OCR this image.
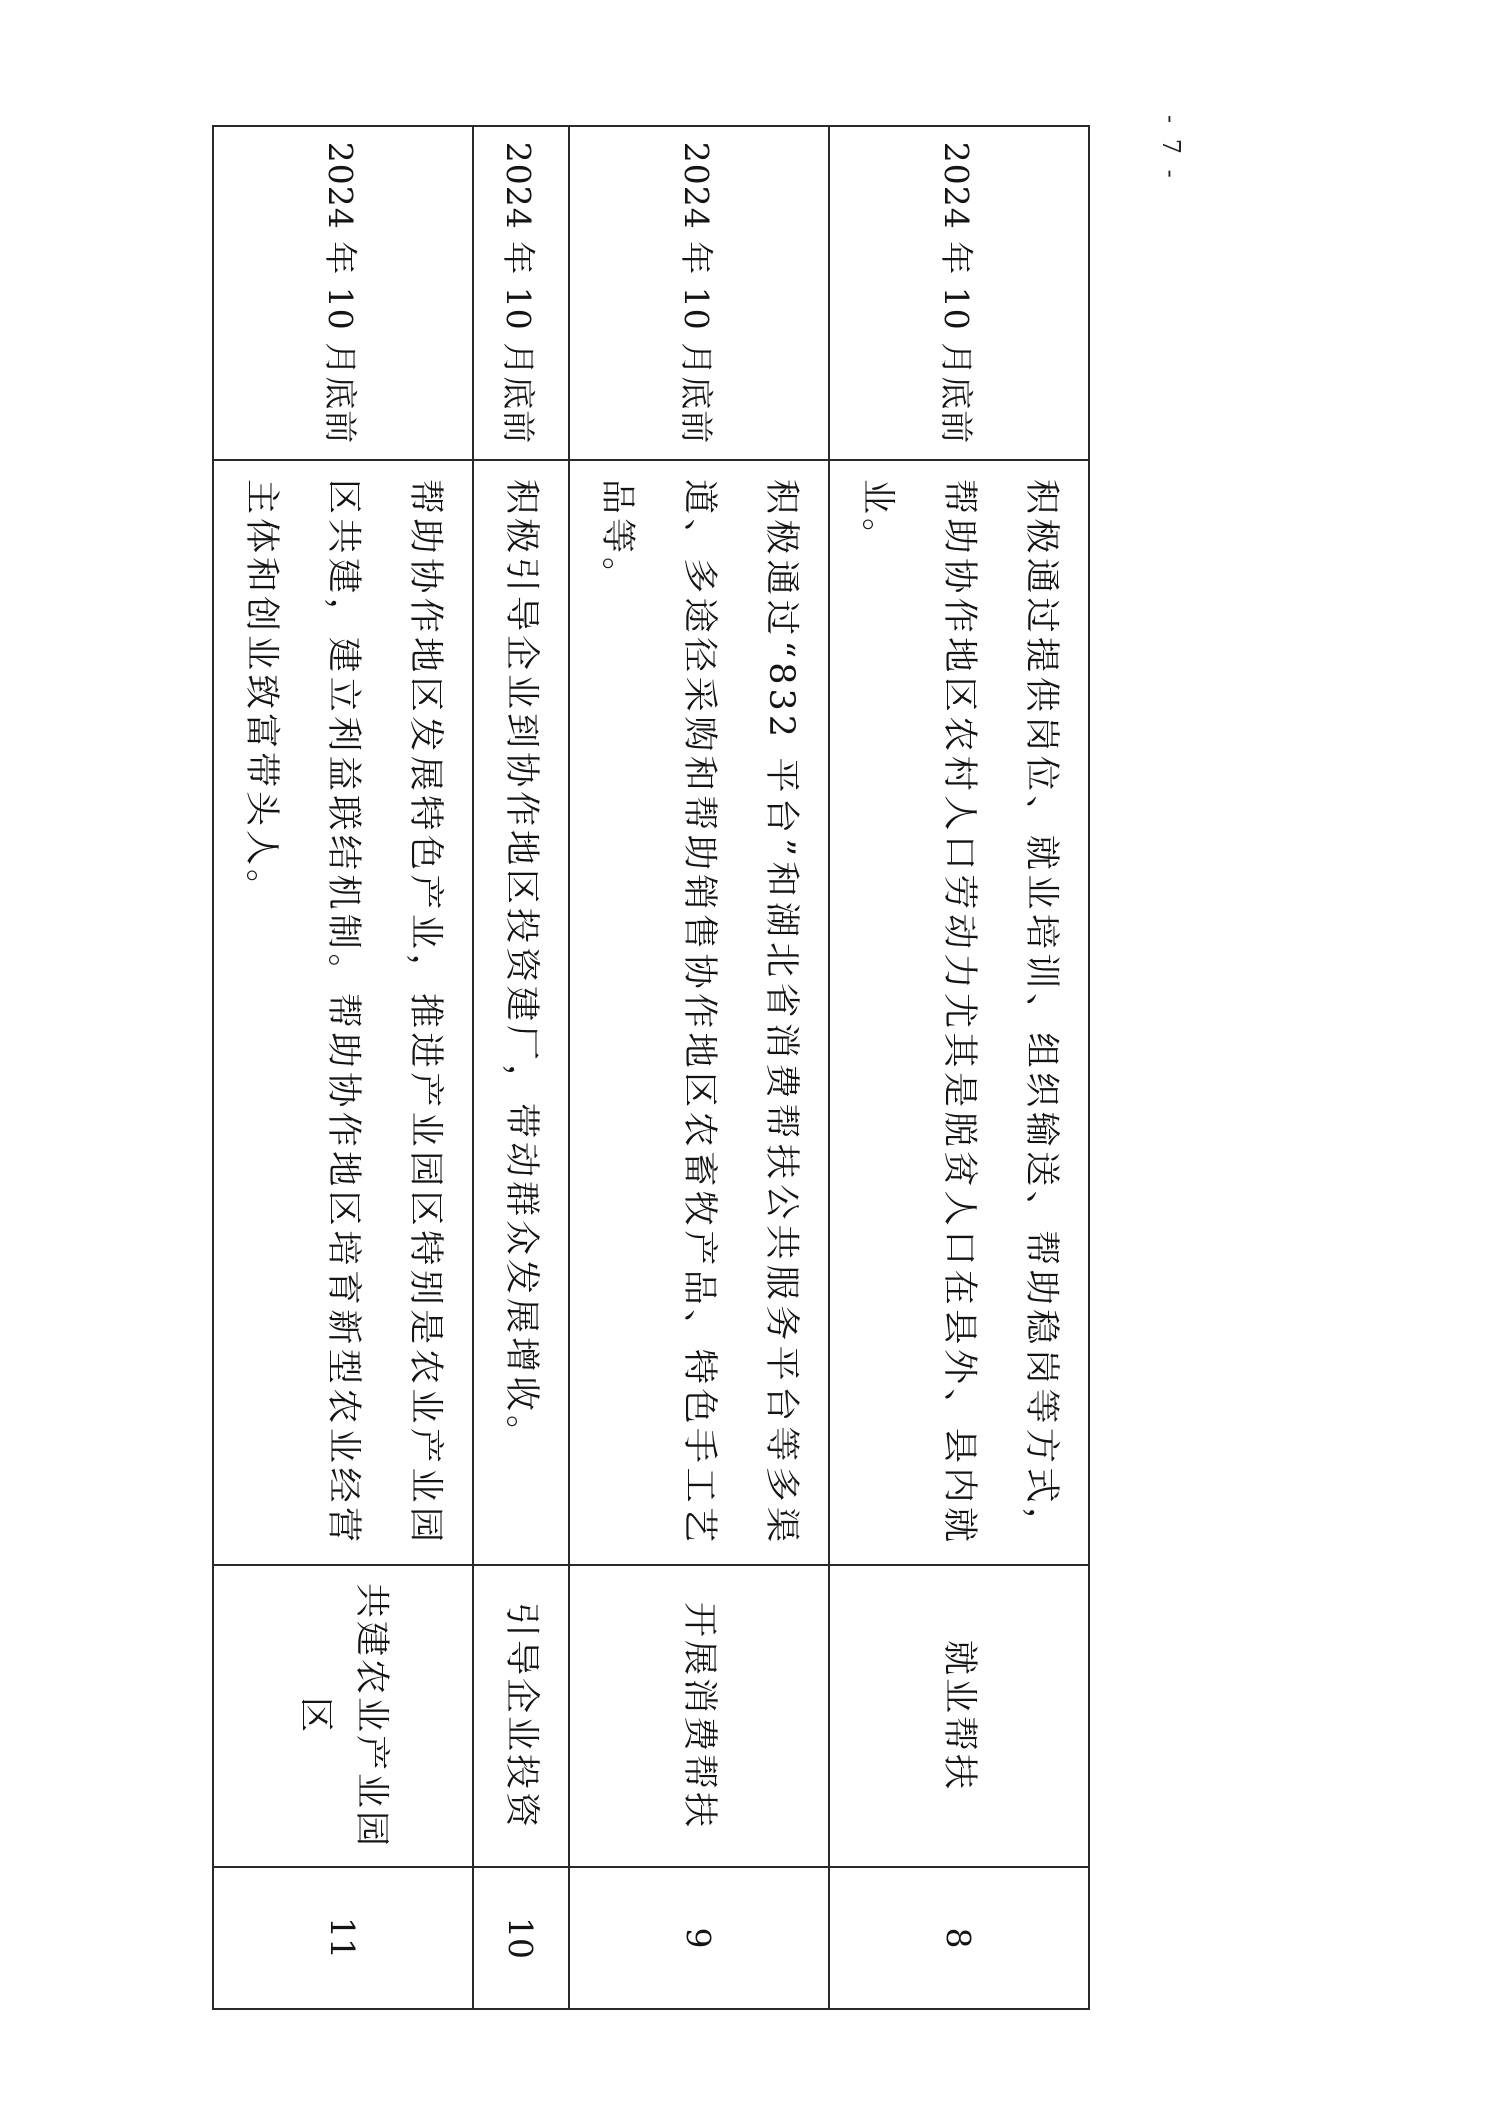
- 7 -
2024 年 10 月底前	积极通过提供岗位、就业培训、组织输送、帮助稳岗等方式，帮助协作地区农村人口劳动力尤其是脱贫人口在县外、县内就业。	就业帮扶	8
2024 年 10 月底前	积极通过“832 平台”和湖北省消费帮扶公共服务平台等多渠道、多途径采购和帮助销售协作地区农畜牧产品、特色手工艺品等。	开展消费帮扶	9
2024 年 10 月底前	积极引导企业到协作地区投资建厂，带动群众发展增收。	引导企业投资	10
2024 年 10 月底前	帮助协作地区发展特色产业，推进产业园区特别是农业产业园区共建，建立利益联结机制。帮助协作地区培育新型农业经营主体和创业致富带头人。	共建农业产业园区	11
